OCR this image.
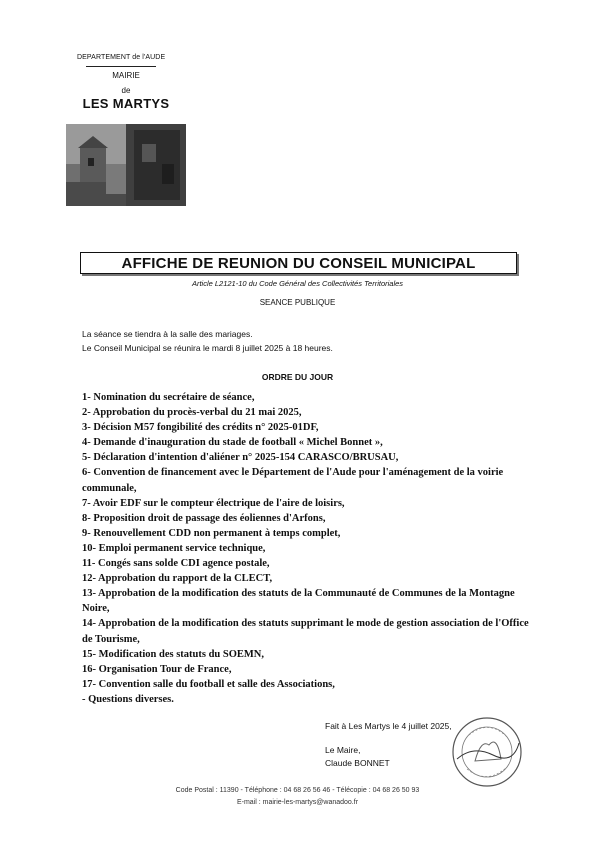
DEPARTEMENT de l'AUDE
MAIRIE
de
LES MARTYS
AFFICHE DE REUNION DU CONSEIL MUNICIPAL
Article L2121-10 du Code Général des Collectivités Territoriales
SEANCE PUBLIQUE
La séance se tiendra à la salle des mariages.
Le Conseil Municipal se réunira le mardi 8 juillet 2025 à 18 heures.
ORDRE DU JOUR
1- Nomination du secrétaire de séance,
2- Approbation du procès-verbal du 21 mai 2025,
3- Décision M57 fongibilité des crédits n° 2025-01DF,
4- Demande d'inauguration du stade de football « Michel Bonnet »,
5- Déclaration d'intention d'aliéner n° 2025-154 CARASCO/BRUSAU,
6- Convention de financement avec le Département de l'Aude pour l'aménagement de la voirie communale,
7- Avoir EDF sur le compteur électrique de l'aire de loisirs,
8- Proposition droit de passage des éoliennes d'Arfons,
9- Renouvellement CDD non permanent à temps complet,
10- Emploi permanent service technique,
11- Congés sans solde CDI agence postale,
12- Approbation du rapport de la CLECT,
13- Approbation de la modification des statuts de la Communauté de Communes de la Montagne Noire,
14- Approbation de la modification des statuts supprimant le mode de gestion association de l'Office de Tourisme,
15- Modification des statuts du SOEMN,
16- Organisation Tour de France,
17- Convention salle du football et salle des Associations,
- Questions diverses.
Fait à Les Martys le 4 juillet 2025,
Le Maire,
Claude BONNET
Code Postal : 11390 - Téléphone : 04 68 26 56 46 - Télécopie : 04 68 26 50 93
E-mail : mairie-les-martys@wanadoo.fr
